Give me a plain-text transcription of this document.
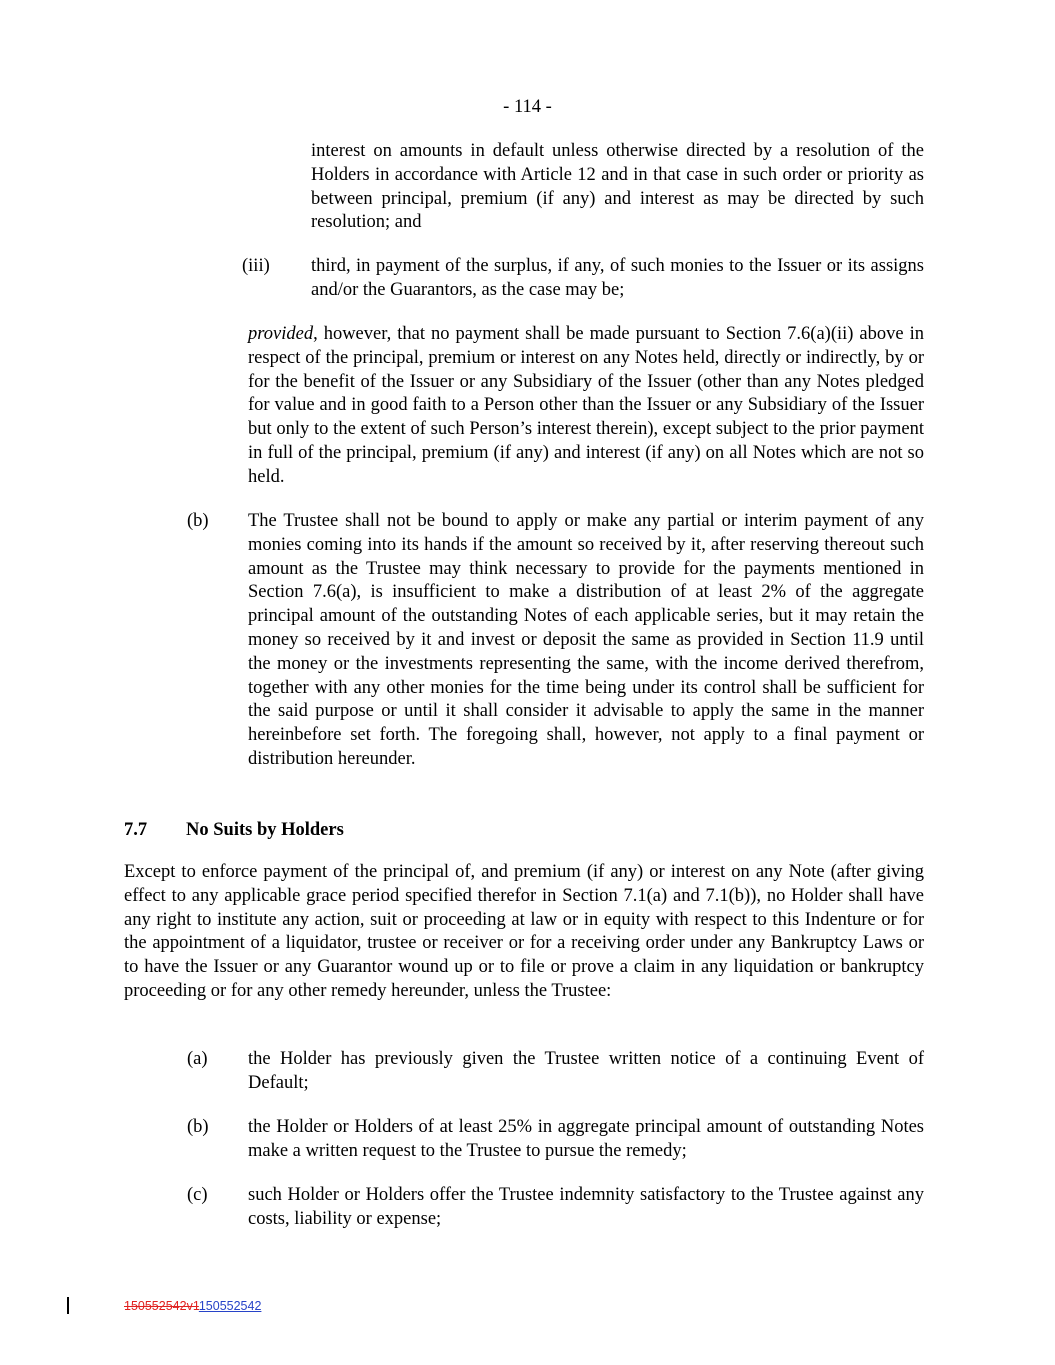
- 114 -

interest on amounts in default unless otherwise directed by a resolution of the Holders in accordance with Article 12 and in that case in such order or priority as between principal, premium (if any) and interest as may be directed by such resolution; and

(iii) third, in payment of the surplus, if any, of such monies to the Issuer or its assigns and/or the Guarantors, as the case may be;

provided, however, that no payment shall be made pursuant to Section 7.6(a)(ii) above in respect of the principal, premium or interest on any Notes held, directly or indirectly, by or for the benefit of the Issuer or any Subsidiary of the Issuer (other than any Notes pledged for value and in good faith to a Person other than the Issuer or any Subsidiary of the Issuer but only to the extent of such Person’s interest therein), except subject to the prior payment in full of the principal, premium (if any) and interest (if any) on all Notes which are not so held.

(b) The Trustee shall not be bound to apply or make any partial or interim payment of any monies coming into its hands if the amount so received by it, after reserving thereout such amount as the Trustee may think necessary to provide for the payments mentioned in Section 7.6(a), is insufficient to make a distribution of at least 2% of the aggregate principal amount of the outstanding Notes of each applicable series, but it may retain the money so received by it and invest or deposit the same as provided in Section 11.9 until the money or the investments representing the same, with the income derived therefrom, together with any other monies for the time being under its control shall be sufficient for the said purpose or until it shall consider it advisable to apply the same in the manner hereinbefore set forth. The foregoing shall, however, not apply to a final payment or distribution hereunder.
7.7 No Suits by Holders

Except to enforce payment of the principal of, and premium (if any) or interest on any Note (after giving effect to any applicable grace period specified therefor in Section 7.1(a) and 7.1(b)), no Holder shall have any right to institute any action, suit or proceeding at law or in equity with respect to this Indenture or for the appointment of a liquidator, trustee or receiver or for a receiving order under any Bankruptcy Laws or to have the Issuer or any Guarantor wound up or to file or prove a claim in any liquidation or bankruptcy proceeding or for any other remedy hereunder, unless the Trustee:

(a) the Holder has previously given the Trustee written notice of a continuing Event of Default;
(b) the Holder or Holders of at least 25% in aggregate principal amount of outstanding Notes make a written request to the Trustee to pursue the remedy;
(c) such Holder or Holders offer the Trustee indemnity satisfactory to the Trustee against any costs, liability or expense;
150552542v1150552542
